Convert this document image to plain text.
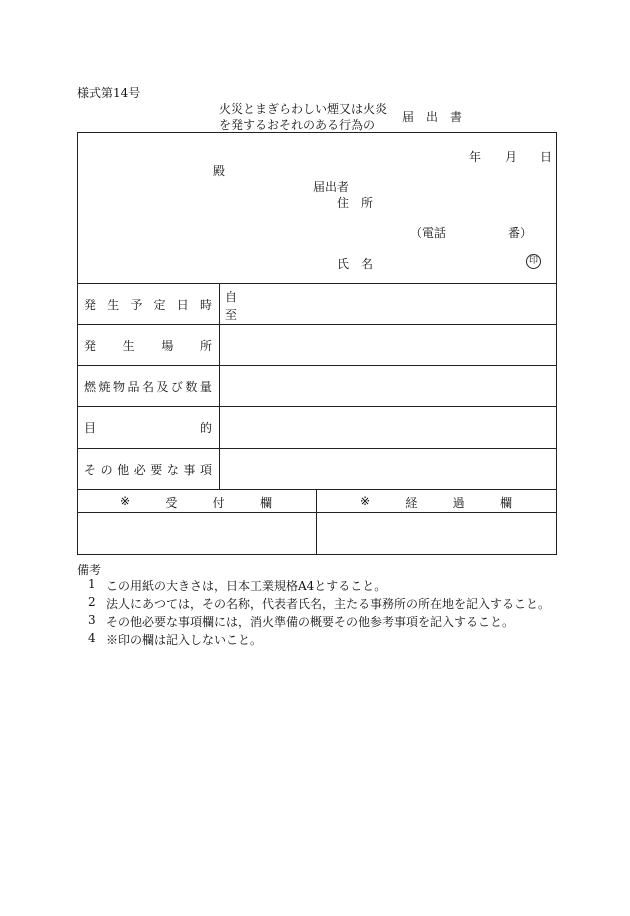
様式第14号
火災とまぎらわしい煙又は火炎
を発するおそれのある行為の
届　出　書
年 月 日
殿
届出者
住　所
（電話	番）
氏　名	印
発 生 予 定 日 時
自
至
発 生 場 所
燃 焼 物 品 名 及 び 数 量
目	的
そ の 他 必 要 な 事 項
※	受	付	欄	※	経	過	欄
備考
1 この用紙の大きさは，日本工業規格A4とすること。
2 法人にあつては，その名称，代表者氏名，主たる事務所の所在地を記入すること。
3 その他必要な事項欄には，消火準備の概要その他参考事項を記入すること。
4 ※印の欄は記入しないこと。
